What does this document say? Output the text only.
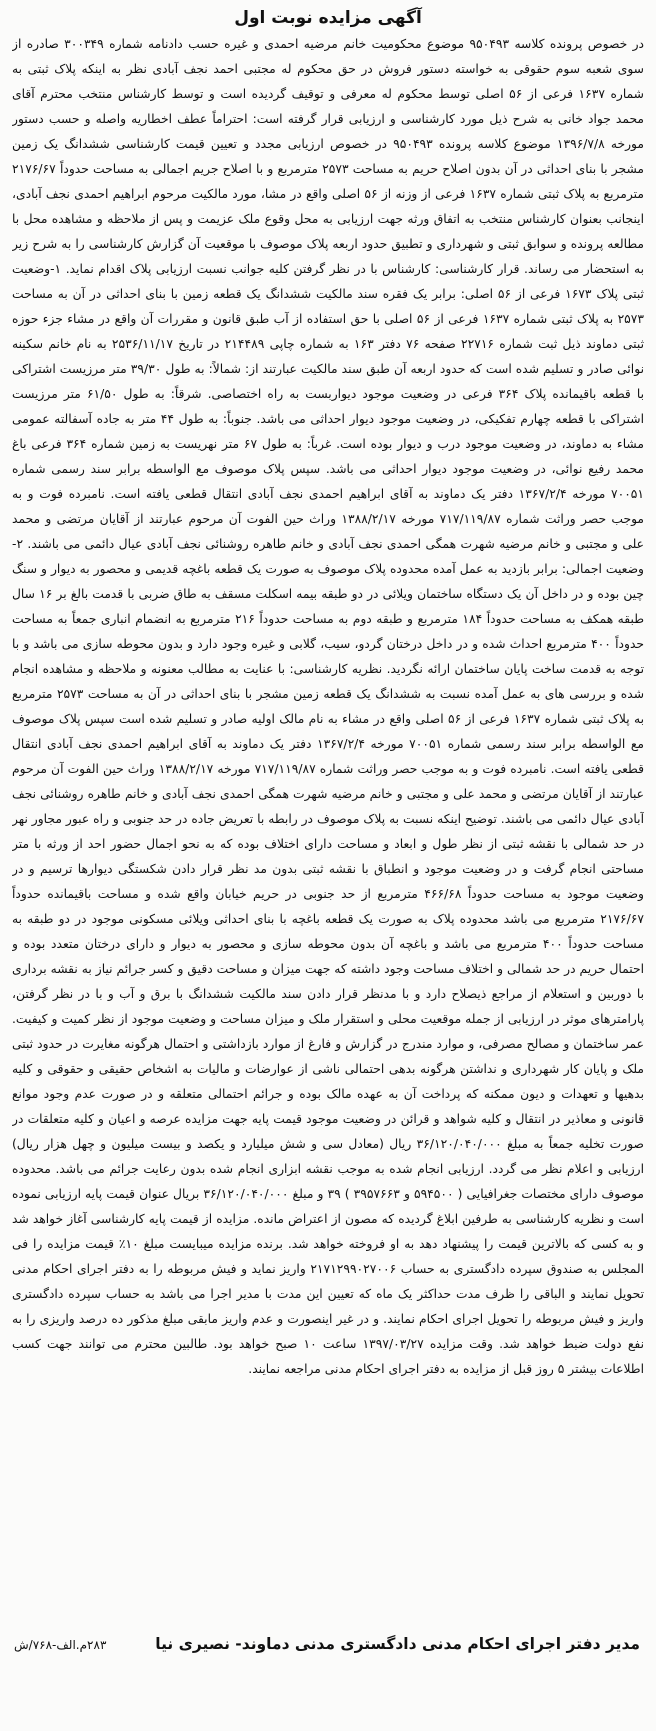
آگهی مزایده نوبت اول
در خصوص پرونده کلاسه ۹۵۰۴۹۳ موضوع محکومیت خانم مرضیه احمدی و غیره حسب دادنامه شماره ۳۰۰۳۴۹ صادره از سوی شعبه سوم حقوقی به خواسته دستور فروش در حق محکوم له مجتبی احمد نجف آبادی نظر به اینکه پلاک ثبتی به شماره ۱۶۳۷ فرعی از ۵۶ اصلی توسط محکوم له معرفی و توقیف گردیده است و توسط کارشناس منتخب محترم آقای محمد جواد خانی به شرح ذیل مورد کارشناسی و ارزیابی قرار گرفته است: احتراماً عطف اخطاریه واصله و حسب دستور مورخه ۱۳۹۶/۷/۸ موضوع کلاسه پرونده ۹۵۰۴۹۳ در خصوص ارزیابی مجدد و تعیین قیمت کارشناسی ششدانگ یک زمین مشجر با بنای احداثی در آن بدون اصلاح حریم به مساحت ۲۵۷۳ مترمربع و با اصلاح جریم اجمالی به مساحت حدوداً ۲۱۷۶/۶۷ مترمربع به پلاک ثبتی شماره ۱۶۳۷ فرعی از وزنه از ۵۶ اصلی واقع در مشا، مورد مالکیت مرحوم ابراهیم احمدی نجف آبادی، اینجانب بعنوان کارشناس منتخب به اتفاق ورثه جهت ارزیابی به محل وقوع ملک عزیمت و پس از ملاحظه و مشاهده محل با مطالعه پرونده و سوابق ثبتی و شهرداری و تطبیق حدود اربعه پلاک موصوف با موقعیت آن گزارش کارشناسی را به شرح زیر به استحضار می رساند. قرار کارشناسی: کارشناس با در نظر گرفتن کلیه جوانب نسبت ارزیابی پلاک اقدام نماید. ۱-وضعیت ثبتی پلاک ۱۶۷۳ فرعی از ۵۶ اصلی: برابر یک فقره سند مالکیت ششدانگ یک قطعه زمین با بنای احداثی در آن به مساحت ۲۵۷۳ به پلاک ثبتی شماره ۱۶۳۷ فرعی از ۵۶ اصلی با حق استفاده از آب طبق قانون و مقررات آن واقع در مشاء جزء حوزه ثبتی دماوند ذیل ثبت شماره ۲۲۷۱۶ صفحه ۷۶ دفتر ۱۶۳ به شماره چاپی ۲۱۴۴۸۹ در تاریخ ۲۵۳۶/۱۱/۱۷ به نام خانم سکینه نوائی صادر و تسلیم شده است که حدود اربعه آن طبق سند مالکیت عبارتند از: شمالاً: به طول ۳۹/۳۰ متر مرزیست اشتراکی با قطعه باقیمانده پلاک ۳۶۴ فرعی در وضعیت موجود دیواربست به راه اختصاصی. شرقاً: به طول ۶۱/۵۰ متر مرزیست اشتراکی با قطعه چهارم تفکیکی، در وضعیت موجود دیوار احداثی می باشد. جنوباً: به طول ۴۴ متر به جاده آسفالته عمومی مشاء به دماوند، در وضعیت موجود درب و دیوار بوده است. غرباً: به طول ۶۷ متر نهریست به زمین شماره ۳۶۴ فرعی باغ محمد رفیع نوائی، در وضعیت موجود دیوار احداثی می باشد. سپس پلاک موصوف مع الواسطه برابر سند رسمی شماره ۷۰۰۵۱ مورخه ۱۳۶۷/۲/۴ دفتر یک دماوند به آقای ابراهیم احمدی نجف آبادی انتقال قطعی یافته است. نامبرده فوت و به موجب حصر وراثت شماره ۷۱۷/۱۱۹/۸۷ مورخه ۱۳۸۸/۲/۱۷ وراث حین الفوت آن مرحوم عبارتند از آقایان مرتضی و محمد علی و مجتبی و خانم مرضیه شهرت همگی احمدی نجف آبادی و خانم طاهره روشنائی نجف آبادی عیال دائمی می باشند. ۲-وضعیت اجمالی: برابر بازدید به عمل آمده محدوده پلاک موصوف به صورت یک قطعه باغچه قدیمی و محصور به دیوار و سنگ چین بوده و در داخل آن یک دستگاه ساختمان ویلائی در دو طبقه بیمه اسکلت مسقف به طاق ضربی با قدمت بالغ بر ۱۶ سال طبقه همکف به مساحت حدوداً ۱۸۴ مترمربع و طبقه دوم به مساحت حدوداً ۲۱۶ مترمربع به انضمام انباری جمعاً به مساحت حدوداً ۴۰۰ مترمربع احداث شده و در داخل درختان گردو، سیب، گلابی و غیره وجود دارد و بدون محوطه سازی می باشد و با توجه به قدمت ساخت پایان ساختمان ارائه نگردید. نظریه کارشناسی: با عنایت به مطالب معنونه و ملاحظه و مشاهده انجام شده و بررسی های به عمل آمده نسبت به ششدانگ یک قطعه زمین مشجر با بنای احداثی در آن به مساحت ۲۵۷۳ مترمربع به پلاک ثبتی شماره ۱۶۳۷ فرعی از ۵۶ اصلی واقع در مشاء به نام مالک اولیه صادر و تسلیم شده است سپس پلاک موصوف مع الواسطه برابر سند رسمی شماره ۷۰۰۵۱ مورخه ۱۳۶۷/۲/۴ دفتر یک دماوند به آقای ابراهیم احمدی نجف آبادی انتقال قطعی یافته است. نامبرده فوت و به موجب حصر وراثت شماره ۷۱۷/۱۱۹/۸۷ مورخه ۱۳۸۸/۲/۱۷ وراث حین الفوت آن مرحوم عبارتند از آقایان مرتضی و محمد علی و مجتبی و خانم مرضیه شهرت همگی احمدی نجف آبادی و خانم طاهره روشنائی نجف آبادی عیال دائمی می باشند. توضیح اینکه نسبت به پلاک موصوف در رابطه با تعریض جاده در حد جنوبی و راه عبور مجاور نهر در حد شمالی با نقشه ثبتی از نظر طول و ابعاد و مساحت دارای اختلاف بوده که به نحو اجمال حضور احد از ورثه با متر مساحتی انجام گرفت و در وضعیت موجود و انطباق با نقشه ثبتی بدون مد نظر قرار دادن شکستگی دیوارها ترسیم و در وضعیت موجود به مساحت حدوداً ۴۶۶/۶۸ مترمربع از حد جنوبی در حریم خیابان واقع شده و مساحت باقیمانده حدوداً ۲۱۷۶/۶۷ مترمربع می باشد محدوده پلاک به صورت یک قطعه باغچه با بنای احداثی ویلائی مسکونی موجود در دو طبقه به مساحت حدوداً ۴۰۰ مترمربع می باشد و باغچه آن بدون محوطه سازی و محصور به دیوار و دارای درختان متعدد بوده و احتمال حریم در حد شمالی و اختلاف مساحت وجود داشته که جهت میزان و مساحت دقیق و کسر جرائم نیاز به نقشه برداری با دوربین و استعلام از مراجع ذیصلاح دارد و با مدنظر قرار دادن سند مالکیت ششدانگ با برق و آب و با در نظر گرفتن، پارامترهای موثر در ارزیابی از جمله موقعیت محلی و استقرار ملک و میزان مساحت و وضعیت موجود از نظر کمیت و کیفیت. عمر ساختمان و مصالح مصرفی، و موارد مندرج در گزارش و فارغ از موارد بازداشتی و احتمال هرگونه مغایرت در حدود ثبتی ملک و پایان کار شهرداری و نداشتن هرگونه بدهی احتمالی ناشی از عوارضات و مالیات به اشخاص حقیقی و حقوقی و کلیه بدهیها و تعهدات و دیون ممکنه که پرداخت آن به عهده مالک بوده و جرائم احتمالی متعلقه و در صورت عدم وجود موانع قانونی و معاذیر در انتقال و کلیه شواهد و قرائن در وضعیت موجود قیمت پایه جهت مزایده عرصه و اعیان و کلیه متعلقات در صورت تخلیه جمعاً به مبلغ ۳۶/۱۲۰/۰۴۰/۰۰۰ ریال (معادل سی و شش میلیارد و یکصد و بیست میلیون و چهل هزار ریال) ارزیابی و اعلام نظر می گردد. ارزیابی انجام شده به موجب نقشه ابزاری انجام شده بدون رعایت جرائم می باشد. محدوده موصوف دارای مختصات جغرافیایی ( ۵۹۴۵۰۰ و ۳۹۵۷۶۶۳ ) ۳۹ و مبلغ ۳۶/۱۲۰/۰۴۰/۰۰۰ بریال عنوان قیمت پایه ارزیابی نموده است و نظریه کارشناسی به طرفین ابلاغ گردیده که مصون از اعتراض مانده. مزایده از قیمت پایه کارشناسی آغاز خواهد شد و به کسی که بالاترین قیمت را پیشنهاد دهد به او فروخته خواهد شد. برنده مزایده میبایست مبلغ ۱۰٪ قیمت مزایده را فی المجلس به صندوق سپرده دادگستری به حساب ۲۱۷۱۲۹۹۰۲۷۰۰۶ واریز نماید و فیش مربوطه را به دفتر اجرای احکام مدنی تحویل نمایند و الباقی را ظرف مدت حداکثر یک ماه که تعیین این مدت با مدیر اجرا می باشد به حساب سپرده دادگستری واریز و فیش مربوطه را تحویل اجرای احکام نمایند. و در غیر اینصورت و عدم واریز مابقی مبلغ مذکور ده درصد واریزی را به نفع دولت ضبط خواهد شد. وقت مزایده ۱۳۹۷/۰۳/۲۷ ساعت ۱۰ صبح خواهد بود. طالبین محترم می توانند جهت کسب اطلاعات بیشتر ۵ روز قبل از مزایده به دفتر اجرای احکام مدنی مراجعه نمایند.
مدیر دفتر اجرای احکام مدنی دادگستری مدنی دماوند- نصیری نیا
۲۸۳م.الف-۷۶۸/ش
